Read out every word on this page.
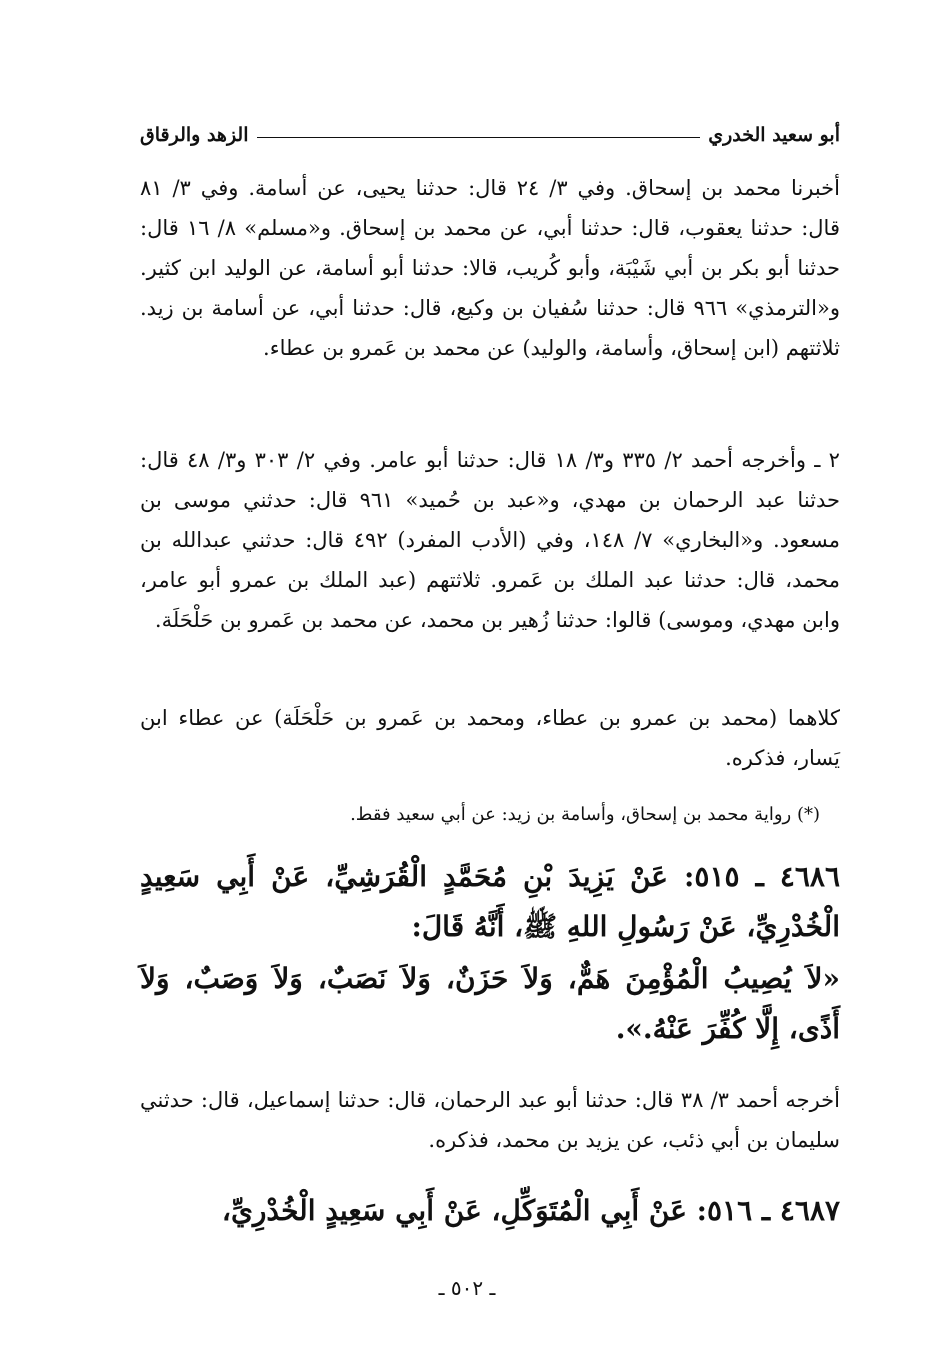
الزهد والرقاق	أبو سعيد الخدري
أخبرنا محمد بن إسحاق. وفي ٣/ ٢٤ قال: حدثنا يحيى، عن أسامة. وفي ٣/ ٨١ قال: حدثنا يعقوب، قال: حدثنا أبي، عن محمد بن إسحاق. و«مسلم» ٨/ ١٦ قال: حدثنا أبو بكر بن أبي شَيْبَة، وأبو كُريب، قالا: حدثنا أبو أسامة، عن الوليد ابن كثير. و«الترمذي» ٩٦٦ قال: حدثنا سُفيان بن وكيع، قال: حدثنا أبي، عن أسامة بن زيد. ثلاثتهم (ابن إسحاق، وأسامة، والوليد) عن محمد بن عَمرو بن عطاء.
٢ ـ وأخرجه أحمد ٢/ ٣٣٥ و٣/ ١٨ قال: حدثنا أبو عامر. وفي ٢/ ٣٠٣ و٣/ ٤٨ قال: حدثنا عبد الرحمان بن مهدي، و«عبد بن حُميد» ٩٦١ قال: حدثني موسى بن مسعود. و«البخاري» ٧/ ١٤٨، وفي (الأدب المفرد) ٤٩٢ قال: حدثني عبدالله بن محمد، قال: حدثنا عبد الملك بن عَمرو. ثلاثتهم (عبد الملك بن عمرو أبو عامر، وابن مهدي، وموسى) قالوا: حدثنا زُهير بن محمد، عن محمد بن عَمرو بن حَلْحَلَة.
كلاهما (محمد بن عمرو بن عطاء، ومحمد بن عَمرو بن حَلْحَلَة) عن عطاء ابن يَسار، فذكره.
(*) رواية محمد بن إسحاق، وأسامة بن زيد: عن أبي سعيد فقط.
٤٦٨٦ ـ ٥١٥: عَنْ يَزِيدَ بْنِ مُحَمَّدٍ الْقُرَشِيِّ، عَنْ أَبِي سَعِيدٍ الْخُدْرِيِّ، عَنْ رَسُولِ اللهِ ﷺ، أَنَّهُ قَالَ:
«لاَ يُصِيبُ الْمُؤْمِنَ هَمٌّ، وَلاَ حَزَنٌ، وَلاَ نَصَبٌ، وَلاَ وَصَبٌ، وَلاَ أَذًى، إِلَّا كُفِّرَ عَنْهُ.».
أخرجه أحمد ٣/ ٣٨ قال: حدثنا أبو عبد الرحمان، قال: حدثنا إسماعيل، قال: حدثني سليمان بن أبي ذئب، عن يزيد بن محمد، فذكره.
٤٦٨٧ ـ ٥١٦: عَنْ أَبِي الْمُتَوَكِّلِ، عَنْ أَبِي سَعِيدٍ الْخُدْرِيِّ،
ـ ٥٠٢ ـ
